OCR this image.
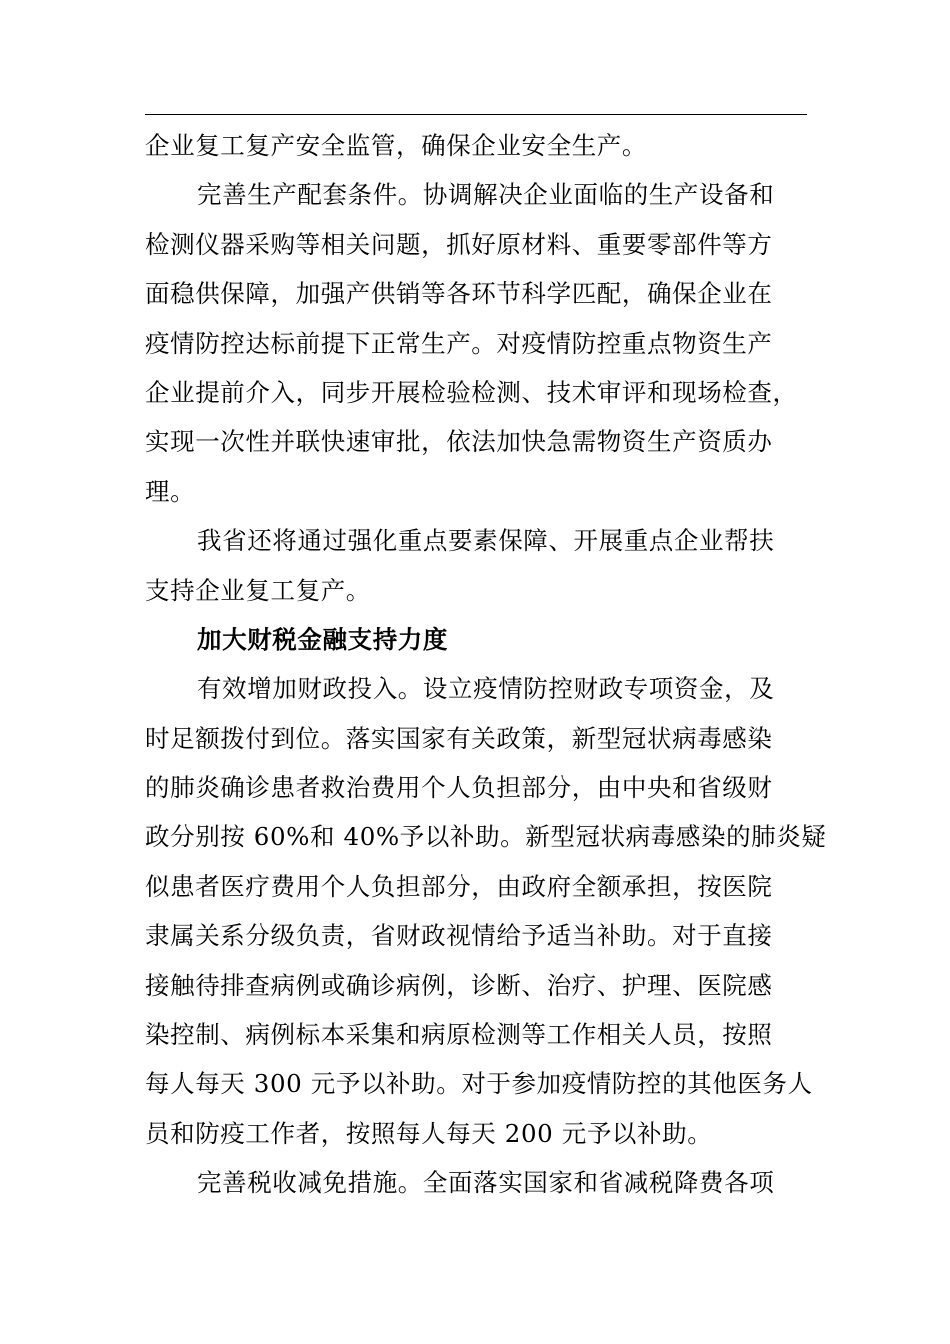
企业复工复产安全监管，确保企业安全生产。
完善生产配套条件。协调解决企业面临的生产设备和
检测仪器采购等相关问题，抓好原材料、重要零部件等方
面稳供保障，加强产供销等各环节科学匹配，确保企业在
疫情防控达标前提下正常生产。对疫情防控重点物资生产
企业提前介入，同步开展检验检测、技术审评和现场检查，
实现一次性并联快速审批，依法加快急需物资生产资质办
理。
我省还将通过强化重点要素保障、开展重点企业帮扶
支持企业复工复产。
加大财税金融支持力度
有效增加财政投入。设立疫情防控财政专项资金，及
时足额拨付到位。落实国家有关政策，新型冠状病毒感染
的肺炎确诊患者救治费用个人负担部分，由中央和省级财
政分别按 60%和 40%予以补助。新型冠状病毒感染的肺炎疑
似患者医疗费用个人负担部分，由政府全额承担，按医院
隶属关系分级负责，省财政视情给予适当补助。对于直接
接触待排查病例或确诊病例，诊断、治疗、护理、医院感
染控制、病例标本采集和病原检测等工作相关人员，按照
每人每天 300 元予以补助。对于参加疫情防控的其他医务人
员和防疫工作者，按照每人每天 200 元予以补助。
完善税收减免措施。全面落实国家和省减税降费各项
